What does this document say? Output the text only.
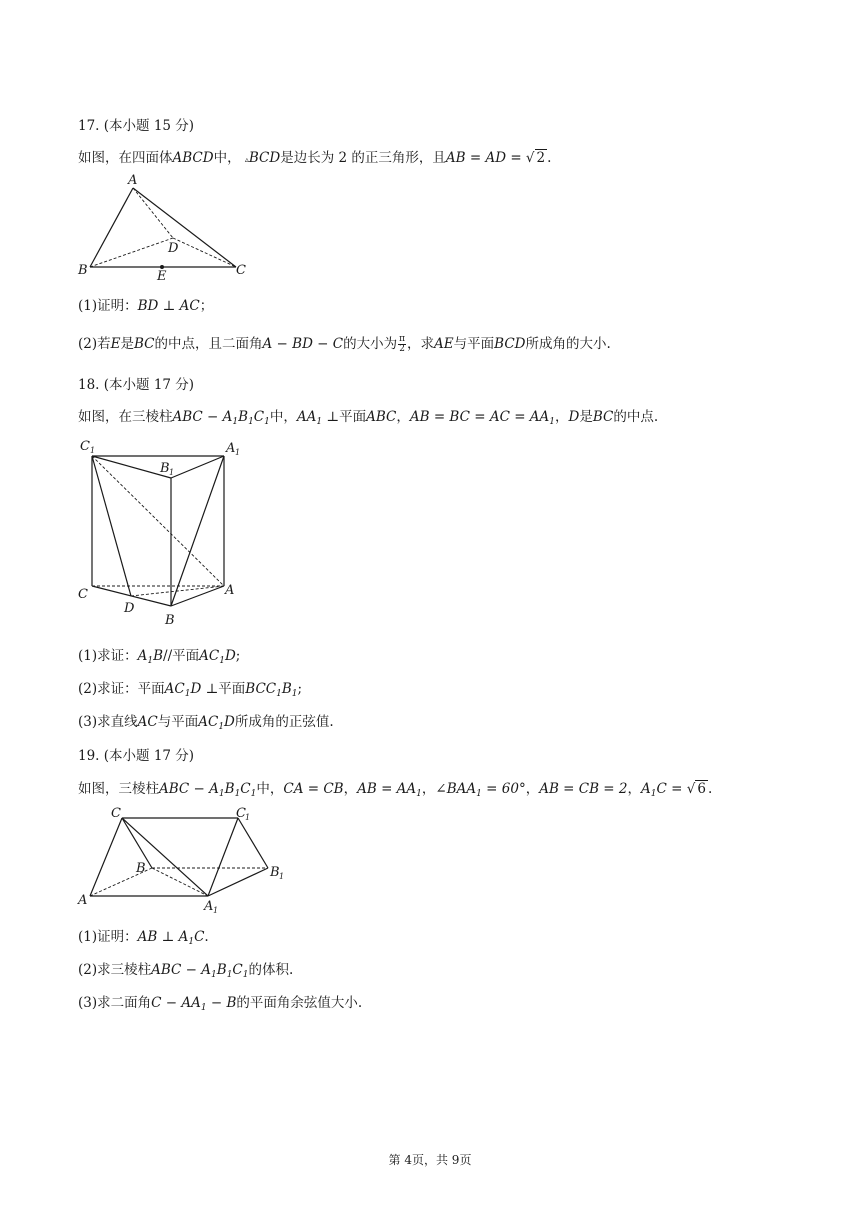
17. (本小题 15 分)
如图，在四面体ABCD中， ▵BCD是边长为 2 的正三角形，且AB = AD = √ 2 .
A
B	C
D
E
(1)证明：BD ⊥ AC；
(2)若E是BC的中点，且二面角A − BD − C的大小为 $\frac{\pi}{2}$ ，求AE与平面BCD所成角的大小.
18. (本小题 17 分)
如图，在三棱柱ABC − $A_1B_1C_1$中，$AA_1$ ⊥平面ABC，AB = BC = AC = $AA_1$，D是BC的中点.
C 1	A 1
B 1
C	A
B
D
(1)求证：$A_1B//$平面$AC_1D$;
(2)求证：平面$AC_1D$ ⊥平面$BCC_1B_1$;
(3)求直线AC与平面$AC_1D$所成角的正弦值.
19. (本小题 17 分)
如图，三棱柱ABC − $A_1B_1C_1$中，CA = CB，AB = $AA_1$，$\angle BAA_1 = 60^\circ$，AB = CB = 2，$A_1C$ = √ 6 .
C	C 1
B	B 1
A	A 1
(1)证明：AB ⊥ $A_1C$.
(2)求三棱柱ABC − $A_1B_1C_1$的体积.
(3)求二面角$C - AA_1 - B$的平面角余弦值大小.
第 4页，共 9页
